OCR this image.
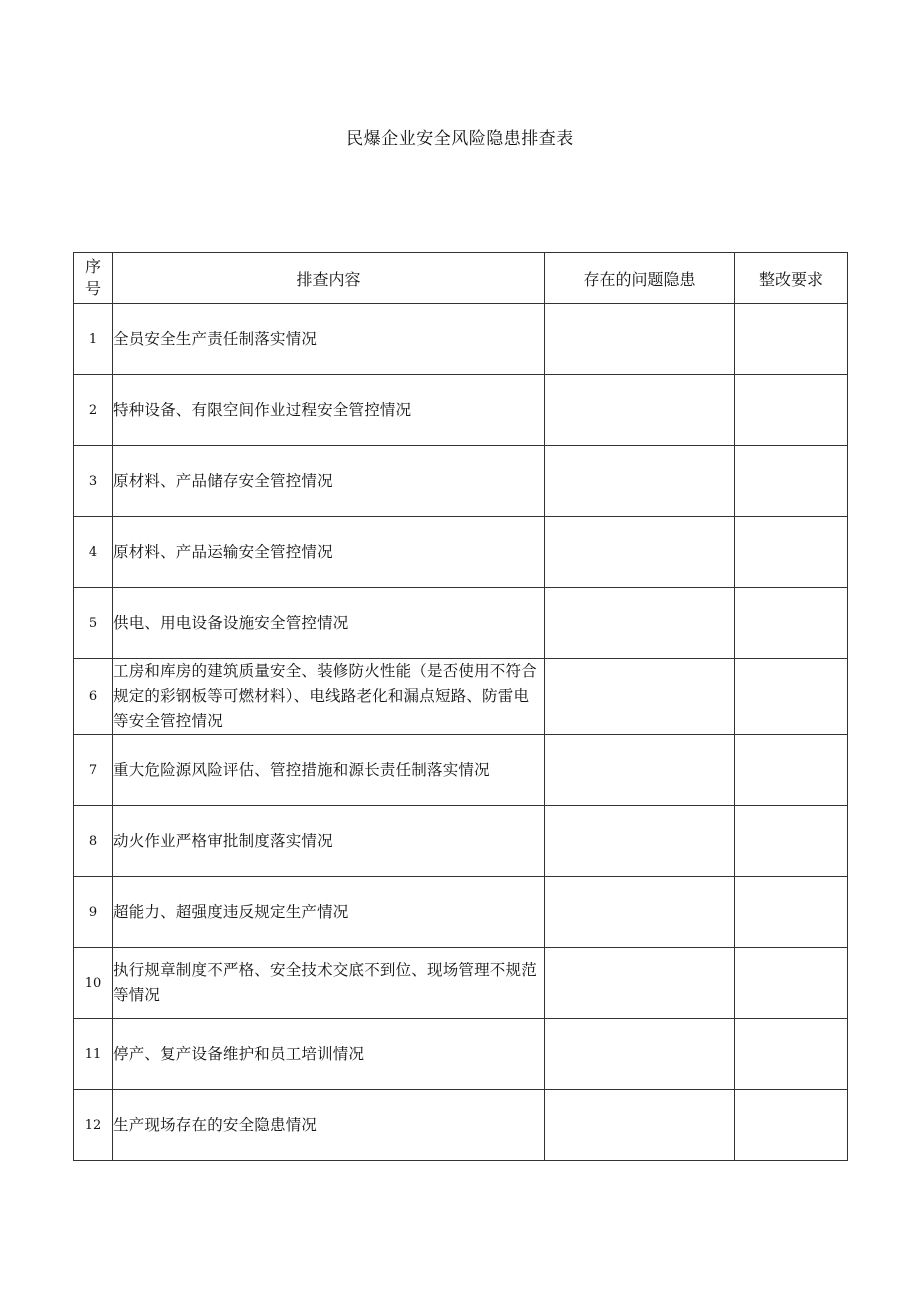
民爆企业安全风险隐患排查表
序
号	排查内容	存在的问题隐患	整改要求
1	全员安全生产责任制落实情况		
2	特种设备、有限空间作业过程安全管控情况		
3	原材料、产品储存安全管控情况		
4	原材料、产品运输安全管控情况		
5	供电、用电设备设施安全管控情况		
6	工房和库房的建筑质量安全、装修防火性能（是否使用不符合规定的彩钢板等可燃材料）、电线路老化和漏点短路、防雷电等安全管控情况		
7	重大危险源风险评估、管控措施和源长责任制落实情况		
8	动火作业严格审批制度落实情况		
9	超能力、超强度违反规定生产情况		
10	执行规章制度不严格、安全技术交底不到位、现场管理不规范等情况		
11	停产、复产设备维护和员工培训情况		
12	生产现场存在的安全隐患情况		
